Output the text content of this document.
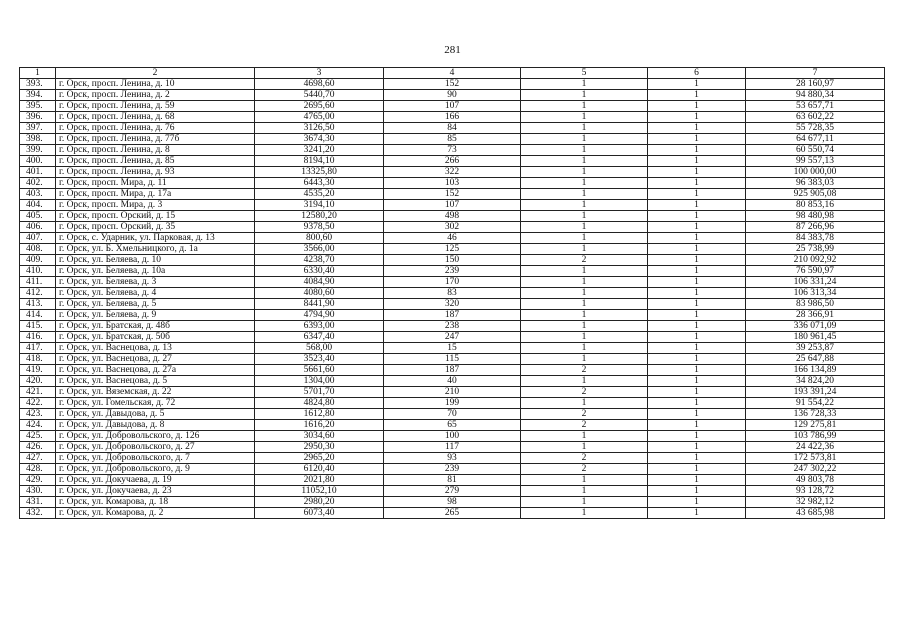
281
1	2	3	4	5	6	7
393.	г. Орск, просп. Ленина, д. 10	4698,60	152	1	1	28 160,97
394.	г. Орск, просп. Ленина, д. 2	5440,70	90	1	1	94 880,34
395.	г. Орск, просп. Ленина, д. 59	2695,60	107	1	1	53 657,71
396.	г. Орск, просп. Ленина, д. 68	4765,00	166	1	1	63 602,22
397.	г. Орск, просп. Ленина, д. 76	3126,50	84	1	1	55 728,35
398.	г. Орск, просп. Ленина, д. 77б	3674,30	85	1	1	64 677,11
399.	г. Орск, просп. Ленина, д. 8	3241,20	73	1	1	60 550,74
400.	г. Орск, просп. Ленина, д. 85	8194,10	266	1	1	99 557,13
401.	г. Орск, просп. Ленина, д. 93	13325,80	322	1	1	100 000,00
402.	г. Орск, просп. Мира, д. 11	6443,30	103	1	1	96 383,03
403.	г. Орск, просп. Мира, д. 17а	4535,20	152	1	1	925 905,08
404.	г. Орск, просп. Мира, д. 3	3194,10	107	1	1	80 853,16
405.	г. Орск, просп. Орский, д. 15	12580,20	498	1	1	98 480,98
406.	г. Орск, просп. Орский, д. 35	9378,50	302	1	1	87 266,96
407.	г. Орск, с. Ударник, ул. Парковая, д. 13	800,60	46	1	1	84 383,78
408.	г. Орск, ул. Б. Хмельницкого, д. 1а	3566,00	125	1	1	25 738,99
409.	г. Орск, ул. Беляева, д. 10	4238,70	150	2	1	210 092,92
410.	г. Орск, ул. Беляева, д. 10а	6330,40	239	1	1	76 590,97
411.	г. Орск, ул. Беляева, д. 3	4084,90	170	1	1	106 331,24
412.	г. Орск, ул. Беляева, д. 4	4080,60	83	1	1	106 313,34
413.	г. Орск, ул. Беляева, д. 5	8441,90	320	1	1	83 986,50
414.	г. Орск, ул. Беляева, д. 9	4794,90	187	1	1	28 366,91
415.	г. Орск, ул. Братская, д. 48б	6393,00	238	1	1	336 071,09
416.	г. Орск, ул. Братская, д. 50б	6347,40	247	1	1	180 961,45
417.	г. Орск, ул. Васнецова, д. 13	568,00	15	1	1	39 253,87
418.	г. Орск, ул. Васнецова, д. 27	3523,40	115	1	1	25 647,88
419.	г. Орск, ул. Васнецова, д. 27а	5661,60	187	2	1	166 134,89
420.	г. Орск, ул. Васнецова, д. 5	1304,00	40	1	1	34 824,20
421.	г. Орск, ул. Вяземская, д. 22	5701,70	210	2	1	193 391,24
422.	г. Орск, ул. Гомельская, д. 72	4824,80	199	1	1	91 554,22
423.	г. Орск, ул. Давыдова, д. 5	1612,80	70	2	1	136 728,33
424.	г. Орск, ул. Давыдова, д. 8	1616,20	65	2	1	129 275,81
425.	г. Орск, ул. Добровольского, д. 126	3034,60	100	1	1	103 786,99
426.	г. Орск, ул. Добровольского, д. 27	2950,30	117	1	1	24 422,36
427.	г. Орск, ул. Добровольского, д. 7	2965,20	93	2	1	172 573,81
428.	г. Орск, ул. Добровольского, д. 9	6120,40	239	2	1	247 302,22
429.	г. Орск, ул. Докучаева, д. 19	2021,80	81	1	1	49 803,78
430.	г. Орск, ул. Докучаева, д. 23	11052,10	279	1	1	93 128,72
431.	г. Орск, ул. Комарова, д. 18	2980,20	98	1	1	32 982,12
432.	г. Орск, ул. Комарова, д. 2	6073,40	265	1	1	43 685,98
